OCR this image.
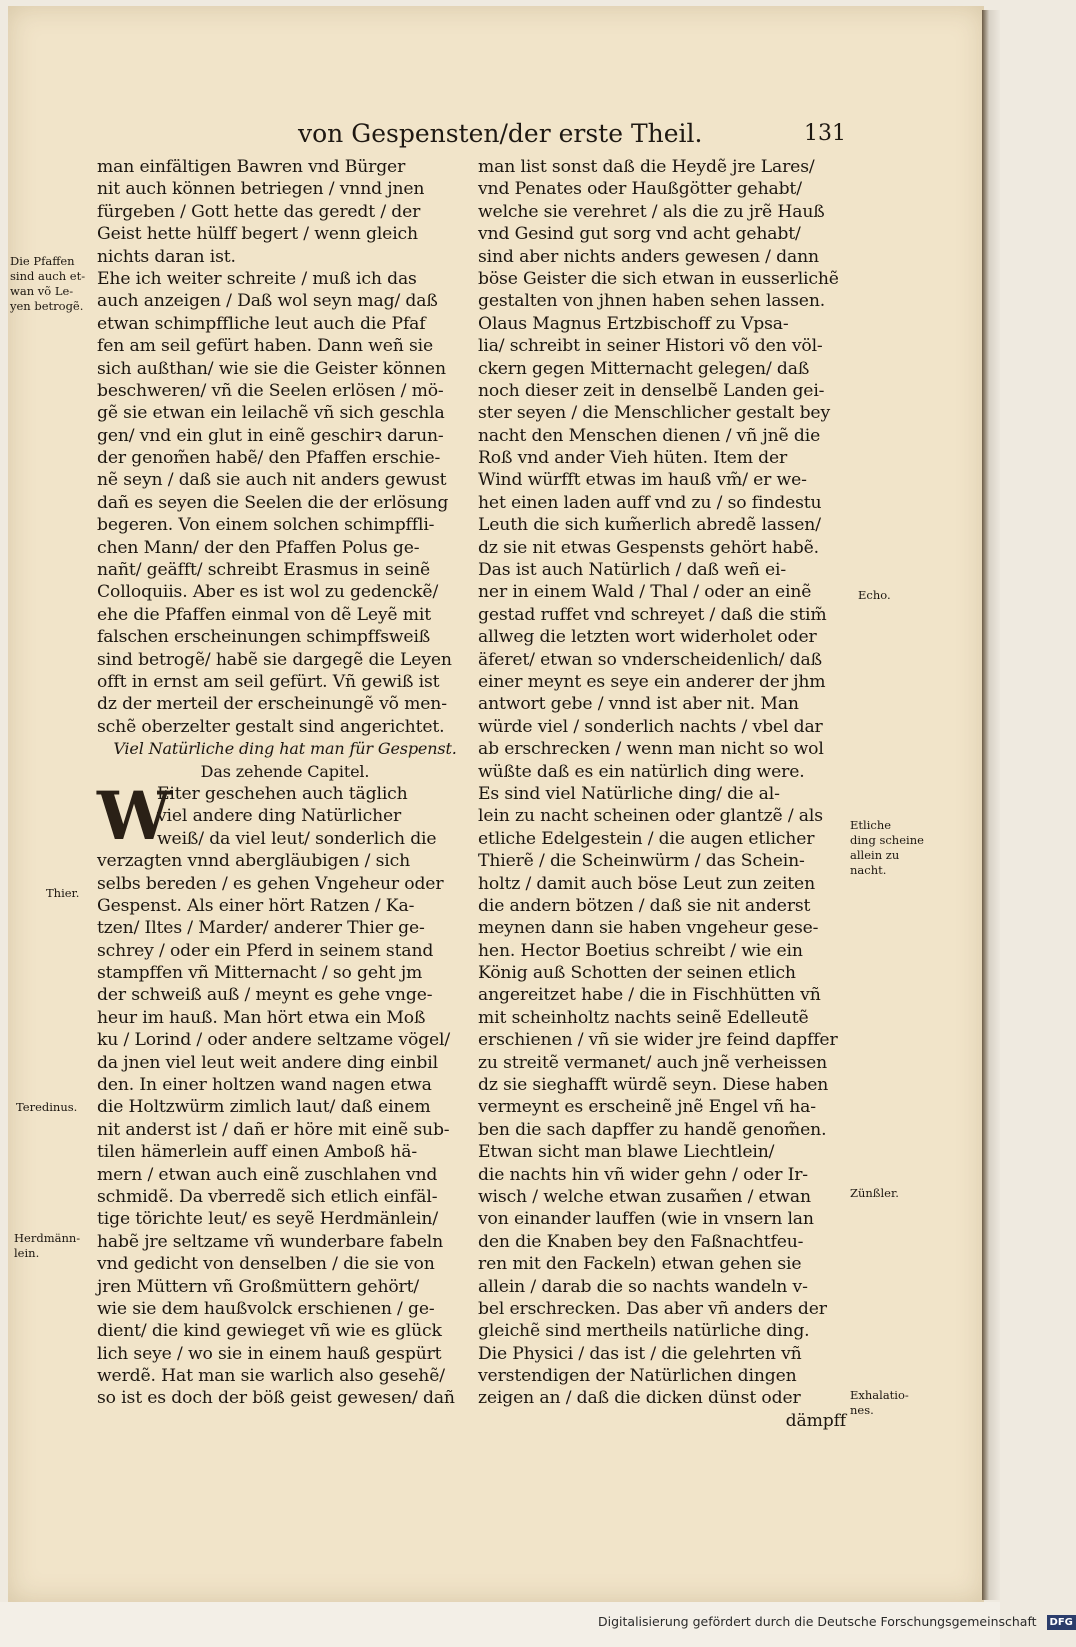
von Gespensten/der erste Theil.	131
man einfältigen Bawren vnd Bürger
nit auch können betriegen / vnnd jnen
fürgeben / Gott hette das geredt / der
Geist hette hülff begert / wenn gleich
nichts daran ist.
Ehe ich weiter schreite / muß ich das
auch anzeigen / Daß wol seyn mag/ daß
etwan schimpffliche leut auch die Pfaf
fen am seil gefürt haben. Dann weñ sie
sich außthan/ wie sie die Geister können
beschweren/ vñ die Seelen erlösen / mö-
gẽ sie etwan ein leilachẽ vñ sich geschla
gen/ vnd ein glut in einẽ geschirꝛ darun-
der genom̃en habẽ/ den Pfaffen erschie-
nẽ seyn / daß sie auch nit anders gewust
dañ es seyen die Seelen die der erlösung
begeren. Von einem solchen schimpffli-
chen Mann/ der den Pfaffen Polus ge-
nañt/ geäfft/ schreibt Erasmus in seinẽ
Colloquiis. Aber es ist wol zu gedenckẽ/
ehe die Pfaffen einmal von dẽ Leyẽ mit
falschen erscheinungen schimpffsweiß
sind betrogẽ/ habẽ sie dargegẽ die Leyen
offt in ernst am seil gefürt. Vñ gewiß ist
dz der merteil der erscheinungẽ võ men-
schẽ oberzelter gestalt sind angerichtet.
Viel Natürliche ding hat man für Gespenst.
Das zehende Capitel.
W
Eiter geschehen auch täglich
viel andere ding Natürlicher
weiß/ da viel leut/ sonderlich die
verzagten vnnd abergläubigen / sich
selbs bereden / es gehen Vngeheur oder
Gespenst. Als einer hört Ratzen / Ka-
tzen/ Iltes / Marder/ anderer Thier ge-
schrey / oder ein Pferd in seinem stand
stampffen vñ Mitternacht / so geht jm
der schweiß auß / meynt es gehe vnge-
heur im hauß. Man hört etwa ein Moß
ku / Lorind / oder andere seltzame vögel/
da jnen viel leut weit andere ding einbil
den. In einer holtzen wand nagen etwa
die Holtzwürm zimlich laut/ daß einem
nit anderst ist / dañ er höre mit einẽ sub-
tilen hämerlein auff einen Amboß hä-
mern / etwan auch einẽ zuschlahen vnd
schmidẽ. Da vberredẽ sich etlich einfäl-
tige törichte leut/ es seyẽ Herdmänlein/
habẽ jre seltzame vñ wunderbare fabeln
vnd gedicht von denselben / die sie von
jren Müttern vñ Großmüttern gehört/
wie sie dem haußvolck erschienen / ge-
dient/ die kind gewieget vñ wie es glück
lich seye / wo sie in einem hauß gespürt
werdẽ. Hat man sie warlich also gesehẽ/
so ist es doch der böß geist gewesen/ dañ
man list sonst daß die Heydẽ jre Lares/
vnd Penates oder Haußgötter gehabt/
welche sie verehret / als die zu jrẽ Hauß
vnd Gesind gut sorg vnd acht gehabt/
sind aber nichts anders gewesen / dann
böse Geister die sich etwan in eusserlichẽ
gestalten von jhnen haben sehen lassen.
Olaus Magnus Ertzbischoff zu Vpsa-
lia/ schreibt in seiner Histori võ den völ-
ckern gegen Mitternacht gelegen/ daß
noch dieser zeit in denselbẽ Landen gei-
ster seyen / die Menschlicher gestalt bey
nacht den Menschen dienen / vñ jnẽ die
Roß vnd ander Vieh hüten. Item der
Wind würfft etwas im hauß vm̃/ er we-
het einen laden auff vnd zu / so findestu
Leuth die sich kum̃erlich abredẽ lassen/
dz sie nit etwas Gespensts gehört habẽ.
Das ist auch Natürlich / daß weñ ei-
ner in einem Wald / Thal / oder an einẽ
gestad ruffet vnd schreyet / daß die stim̃
allweg die letzten wort widerholet oder
äferet/ etwan so vnderscheidenlich/ daß
einer meynt es seye ein anderer der jhm
antwort gebe / vnnd ist aber nit. Man
würde viel / sonderlich nachts / vbel dar
ab erschrecken / wenn man nicht so wol
wüßte daß es ein natürlich ding were.
Es sind viel Natürliche ding/ die al-
lein zu nacht scheinen oder glantzẽ / als
etliche Edelgestein / die augen etlicher
Thierẽ / die Scheinwürm / das Schein-
holtz / damit auch böse Leut zun zeiten
die andern bötzen / daß sie nit anderst
meynen dann sie haben vngeheur gese-
hen. Hector Boetius schreibt / wie ein
König auß Schotten der seinen etlich
angereitzet habe / die in Fischhütten vñ
mit scheinholtz nachts seinẽ Edelleutẽ
erschienen / vñ sie wider jre feind dapffer
zu streitẽ vermanet/ auch jnẽ verheissen
dz sie sieghafft würdẽ seyn. Diese haben
vermeynt es erscheinẽ jnẽ Engel vñ ha-
ben die sach dapffer zu handẽ genom̃en.
Etwan sicht man blawe Liechtlein/
die nachts hin vñ wider gehn / oder Ir-
wisch / welche etwan zusam̃en / etwan
von einander lauffen (wie in vnsern lan
den die Knaben bey den Faßnachtfeu-
ren mit den Fackeln) etwan gehen sie
allein / darab die so nachts wandeln v-
bel erschrecken. Das aber vñ anders der
gleichẽ sind mertheils natürliche ding.
Die Physici / das ist / die gelehrten vñ
verstendigen der Natürlichen dingen
zeigen an / daß die dicken dünst oder
dämpff
Die Pfaffen
sind auch et-
wan võ Le-
yen betrogẽ.
Thier.
Teredinus.
Herdmänn-
lein.
Echo.
Etliche
ding scheine
allein zu
nacht.
Zünßler.
Exhalatio-
nes.
Digitalisierung gefördert durch die Deutsche Forschungsgemeinschaft DFG
